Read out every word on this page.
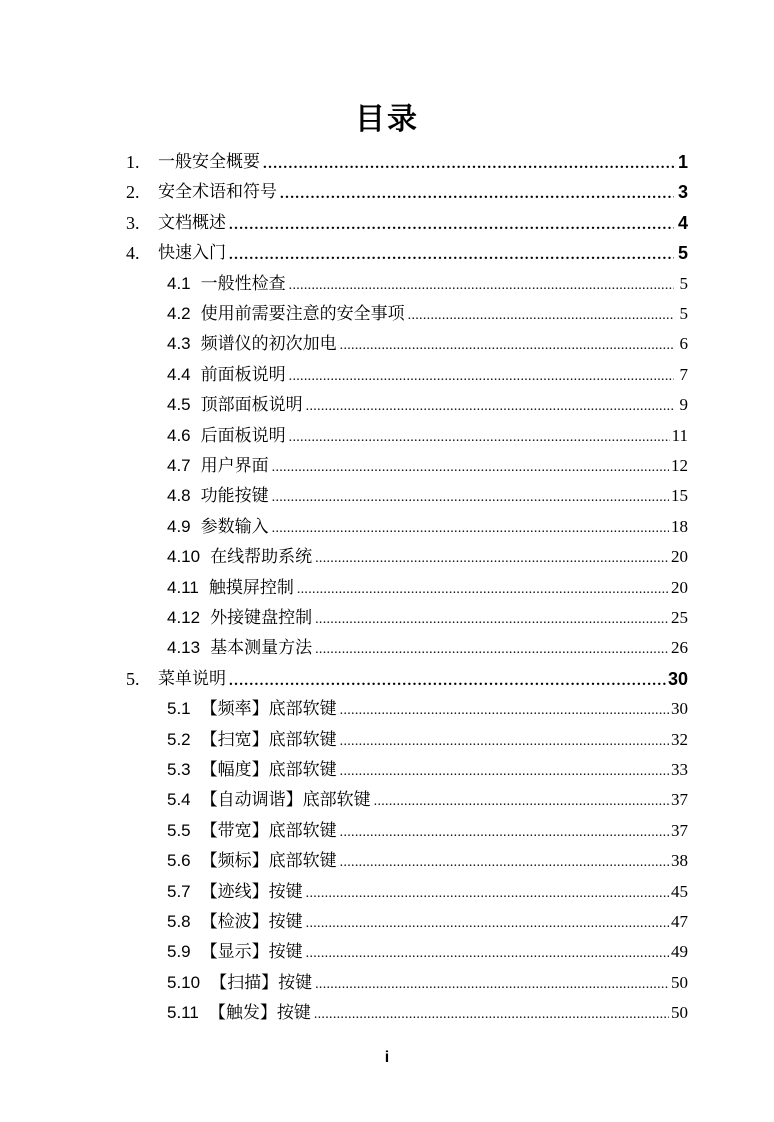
目录
1.	一般安全概要 . . .	1
2.	安全术语和符号 . . .	3
3.	文档概述 . . .	4
4.	快速入门 . . .	5
4.1 一般性检查 . . .	5
4.2 使用前需要注意的安全事项 . . .	5
4.3 频谱仪的初次加电 . . .	6
4.4 前面板说明 . . .	7
4.5 顶部面板说明 . . .	9
4.6 后面板说明 . . .	11
4.7 用户界面 . . .	12
4.8 功能按键 . . .	15
4.9 参数输入 . . .	18
4.10 在线帮助系统 . . .	20
4.11 触摸屏控制 . . .	20
4.12 外接键盘控制 . . .	25
4.13 基本测量方法 . . .	26
5.	菜单说明 . . .	30
5.1 【频率】底部软键 . . .	30
5.2 【扫宽】底部软键 . . .	32
5.3 【幅度】底部软键 . . .	33
5.4 【自动调谐】底部软键 . . .	37
5.5 【带宽】底部软键 . . .	37
5.6 【频标】底部软键 . . .	38
5.7 【迹线】按键 . . .	45
5.8 【检波】按键 . . .	47
5.9 【显示】按键 . . .	49
5.10 【扫描】按键 . . .	50
5.11 【触发】按键 . . .	50
i
